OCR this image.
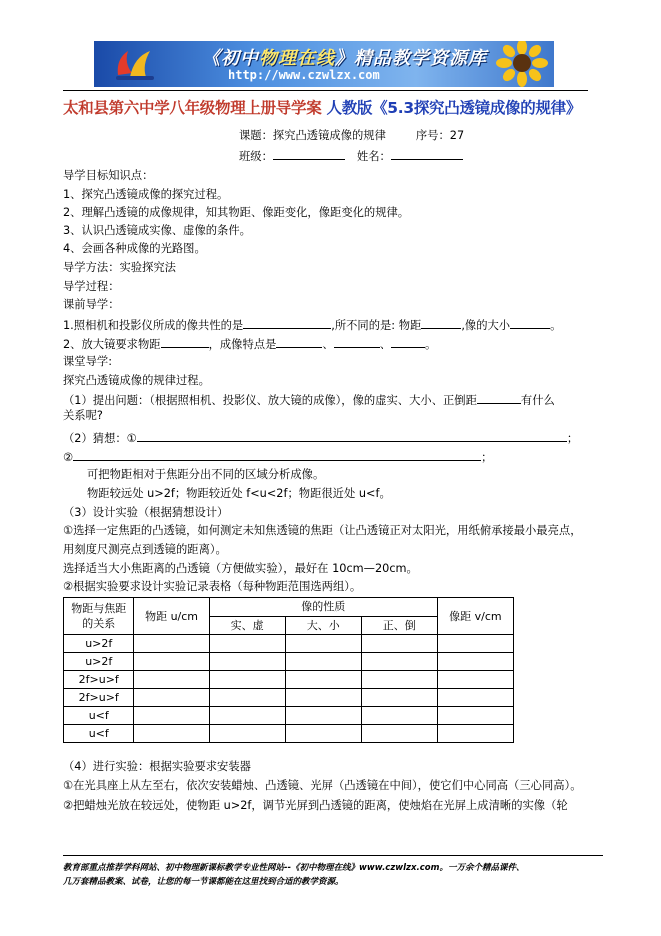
《初中物理在线》精品教学资源库
http://www.czwlzx.com
太和县第六中学八年级物理上册导学案 人教版《5.3探究凸透镜成像的规律》
课题：探究凸透镜成像的规律	序号：27
班级：	姓名：
导学目标知识点：
1、探究凸透镜成像的探究过程。
2、理解凸透镜的成像规律，知其物距、像距变化，像距变化的规律。
3、认识凸透镜成实像、虚像的条件。
4、会画各种成像的光路图。
导学方法：实验探究法
导学过程：
课前导学：
1.照相机和投影仪所成的像共性的是	,所不同的是: 物距	,像的大小	。
2、放大镜要求物距	，成像特点是	、	、	。
课堂导学:
探究凸透镜成像的规律过程。
（1）提出问题：（根据照相机、投影仪、放大镜的成像），像的虚实、大小、正倒距	有什么
关系呢?
（2）猜想：①	；
②	；
可把物距相对于焦距分出不同的区域分析成像。
物距较远处 u>2f；物距较近处 f<u<2f；物距很近处 u<f。
（3）设计实验（根据猜想设计）
①选择一定焦距的凸透镜，如何测定未知焦透镜的焦距（让凸透镜正对太阳光，用纸俯承接最小最亮点，
用刻度尺测亮点到透镜的距离）。
选择适当大小焦距离的凸透镜（方便做实验），最好在 10cm—20cm。
②根据实验要求设计实验记录表格（每种物距范围选两组）。
物距与焦距
的关系	物距 u/cm	像的性质			像距 v/cm
		实、虚	大、小	正、倒	
u>2f					
u>2f					
2f>u>f					
2f>u>f					
u<f					
u<f					
（4）进行实验：根据实验要求安装器
①在光具座上从左至右，依次安装蜡烛、凸透镜、光屏（凸透镜在中间），使它们中心同高（三心同高）。
②把蜡烛光放在较远处，使物距 u>2f，调节光屏到凸透镜的距离，使烛焰在光屏上成清晰的实像（轮
教育部重点推荐学科网站、初中物理新课标教学专业性网站--《初中物理在线》www.czwlzx.com。一万余个精品课件、
几万套精品教案、试卷，让您的每一节课都能在这里找到合适的教学资源。
